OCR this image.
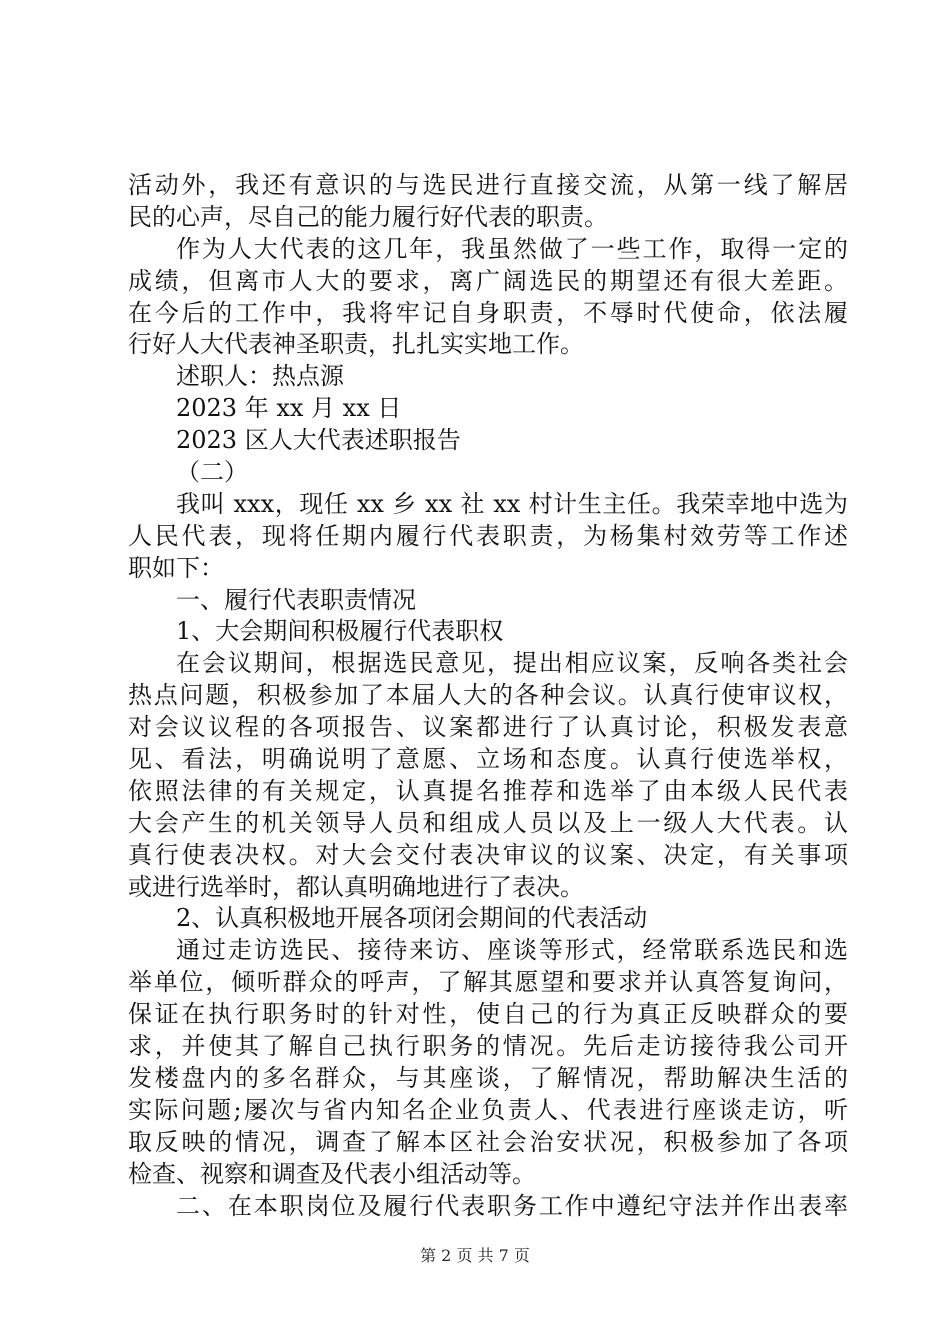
活动外，我还有意识的与选民进行直接交流，从第一线了解居
民的心声，尽自己的能力履行好代表的职责。
作为人大代表的这几年，我虽然做了一些工作，取得一定的
成绩，但离市人大的要求，离广阔选民的期望还有很大差距。
在今后的工作中，我将牢记自身职责，不辱时代使命，依法履
行好人大代表神圣职责，扎扎实实地工作。
述职人：热点源
2023 年 xx 月 xx 日
2023 区人大代表述职报告
（二）
我叫 xxx，现任 xx 乡 xx 社 xx 村计生主任。我荣幸地中选为
人民代表，现将任期内履行代表职责，为杨集村效劳等工作述
职如下：
一、履行代表职责情况
1、大会期间积极履行代表职权
在会议期间，根据选民意见，提出相应议案，反响各类社会
热点问题，积极参加了本届人大的各种会议。认真行使审议权，
对会议议程的各项报告、议案都进行了认真讨论，积极发表意
见、看法，明确说明了意愿、立场和态度。认真行使选举权，
依照法律的有关规定，认真提名推荐和选举了由本级人民代表
大会产生的机关领导人员和组成人员以及上一级人大代表。认
真行使表决权。对大会交付表决审议的议案、决定，有关事项
或进行选举时，都认真明确地进行了表决。
2、认真积极地开展各项闭会期间的代表活动
通过走访选民、接待来访、座谈等形式，经常联系选民和选
举单位，倾听群众的呼声，了解其愿望和要求并认真答复询问，
保证在执行职务时的针对性，使自己的行为真正反映群众的要
求，并使其了解自己执行职务的情况。先后走访接待我公司开
发楼盘内的多名群众，与其座谈，了解情况，帮助解决生活的
实际问题;屡次与省内知名企业负责人、代表进行座谈走访，听
取反映的情况，调查了解本区社会治安状况，积极参加了各项
检查、视察和调查及代表小组活动等。
二、在本职岗位及履行代表职务工作中遵纪守法并作出表率
第 2 页 共 7 页
